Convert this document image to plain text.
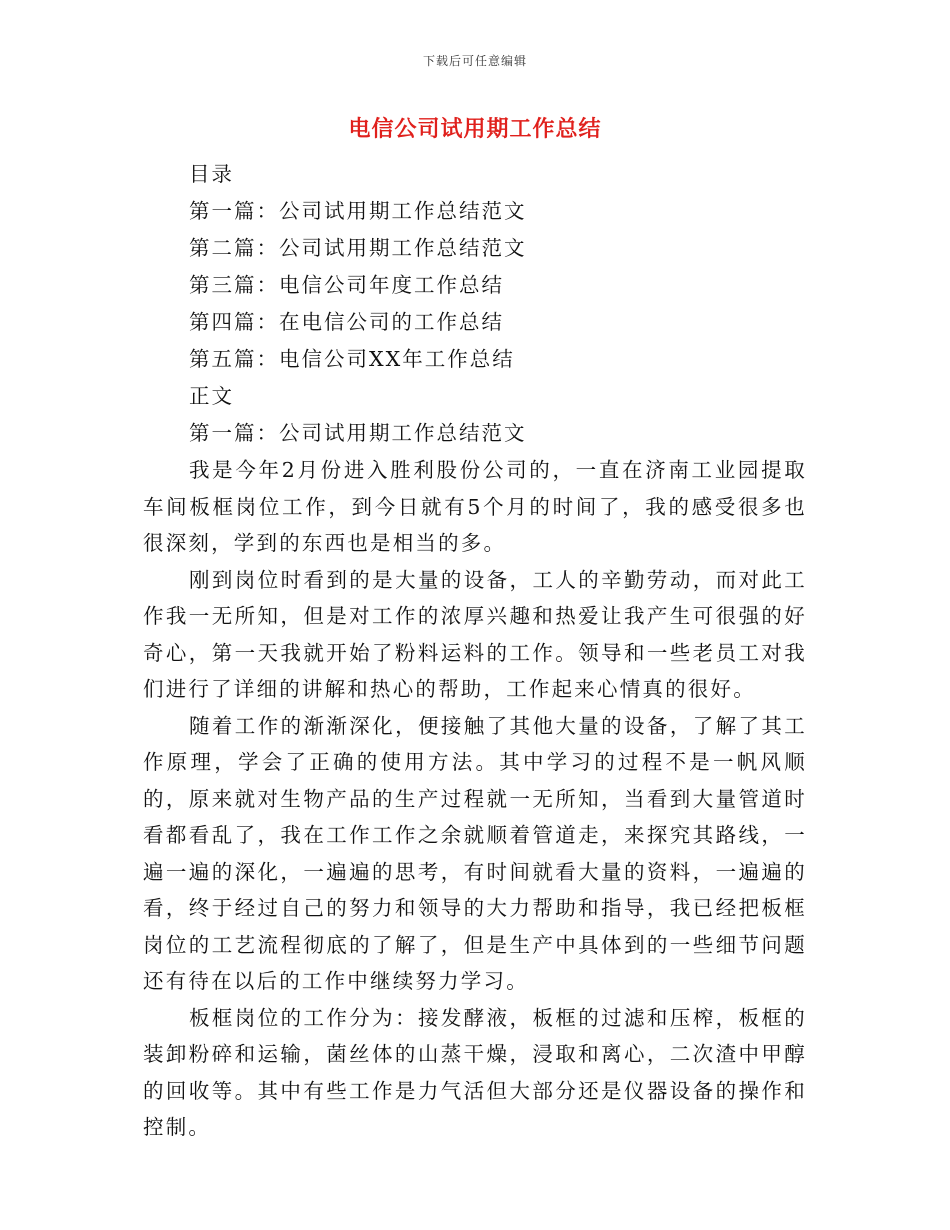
下载后可任意编辑
电信公司试用期工作总结
目录
第一篇：公司试用期工作总结范文
第二篇：公司试用期工作总结范文
第三篇：电信公司年度工作总结
第四篇：在电信公司的工作总结
第五篇：电信公司XX年工作总结
正文
第一篇：公司试用期工作总结范文

我是今年2月份进入胜利股份公司的，一直在济南工业园提取车间板框岗位工作，到今日就有5个月的时间了，我的感受很多也很深刻，学到的东西也是相当的多。

刚到岗位时看到的是大量的设备，工人的辛勤劳动，而对此工作我一无所知，但是对工作的浓厚兴趣和热爱让我产生可很强的好奇心，第一天我就开始了粉料运料的工作。领导和一些老员工对我们进行了详细的讲解和热心的帮助，工作起来心情真的很好。

随着工作的渐渐深化，便接触了其他大量的设备，了解了其工作原理，学会了正确的使用方法。其中学习的过程不是一帆风顺的，原来就对生物产品的生产过程就一无所知，当看到大量管道时看都看乱了，我在工作工作之余就顺着管道走，来探究其路线，一遍一遍的深化，一遍遍的思考，有时间就看大量的资料，一遍遍的看，终于经过自己的努力和领导的大力帮助和指导，我已经把板框岗位的工艺流程彻底的了解了，但是生产中具体到的一些细节问题还有待在以后的工作中继续努力学习。

板框岗位的工作分为：接发酵液，板框的过滤和压榨，板框的装卸粉碎和运输，菌丝体的山蒸干燥，浸取和离心，二次渣中甲醇的回收等。其中有些工作是力气活但大部分还是仪器设备的操作和控制。
